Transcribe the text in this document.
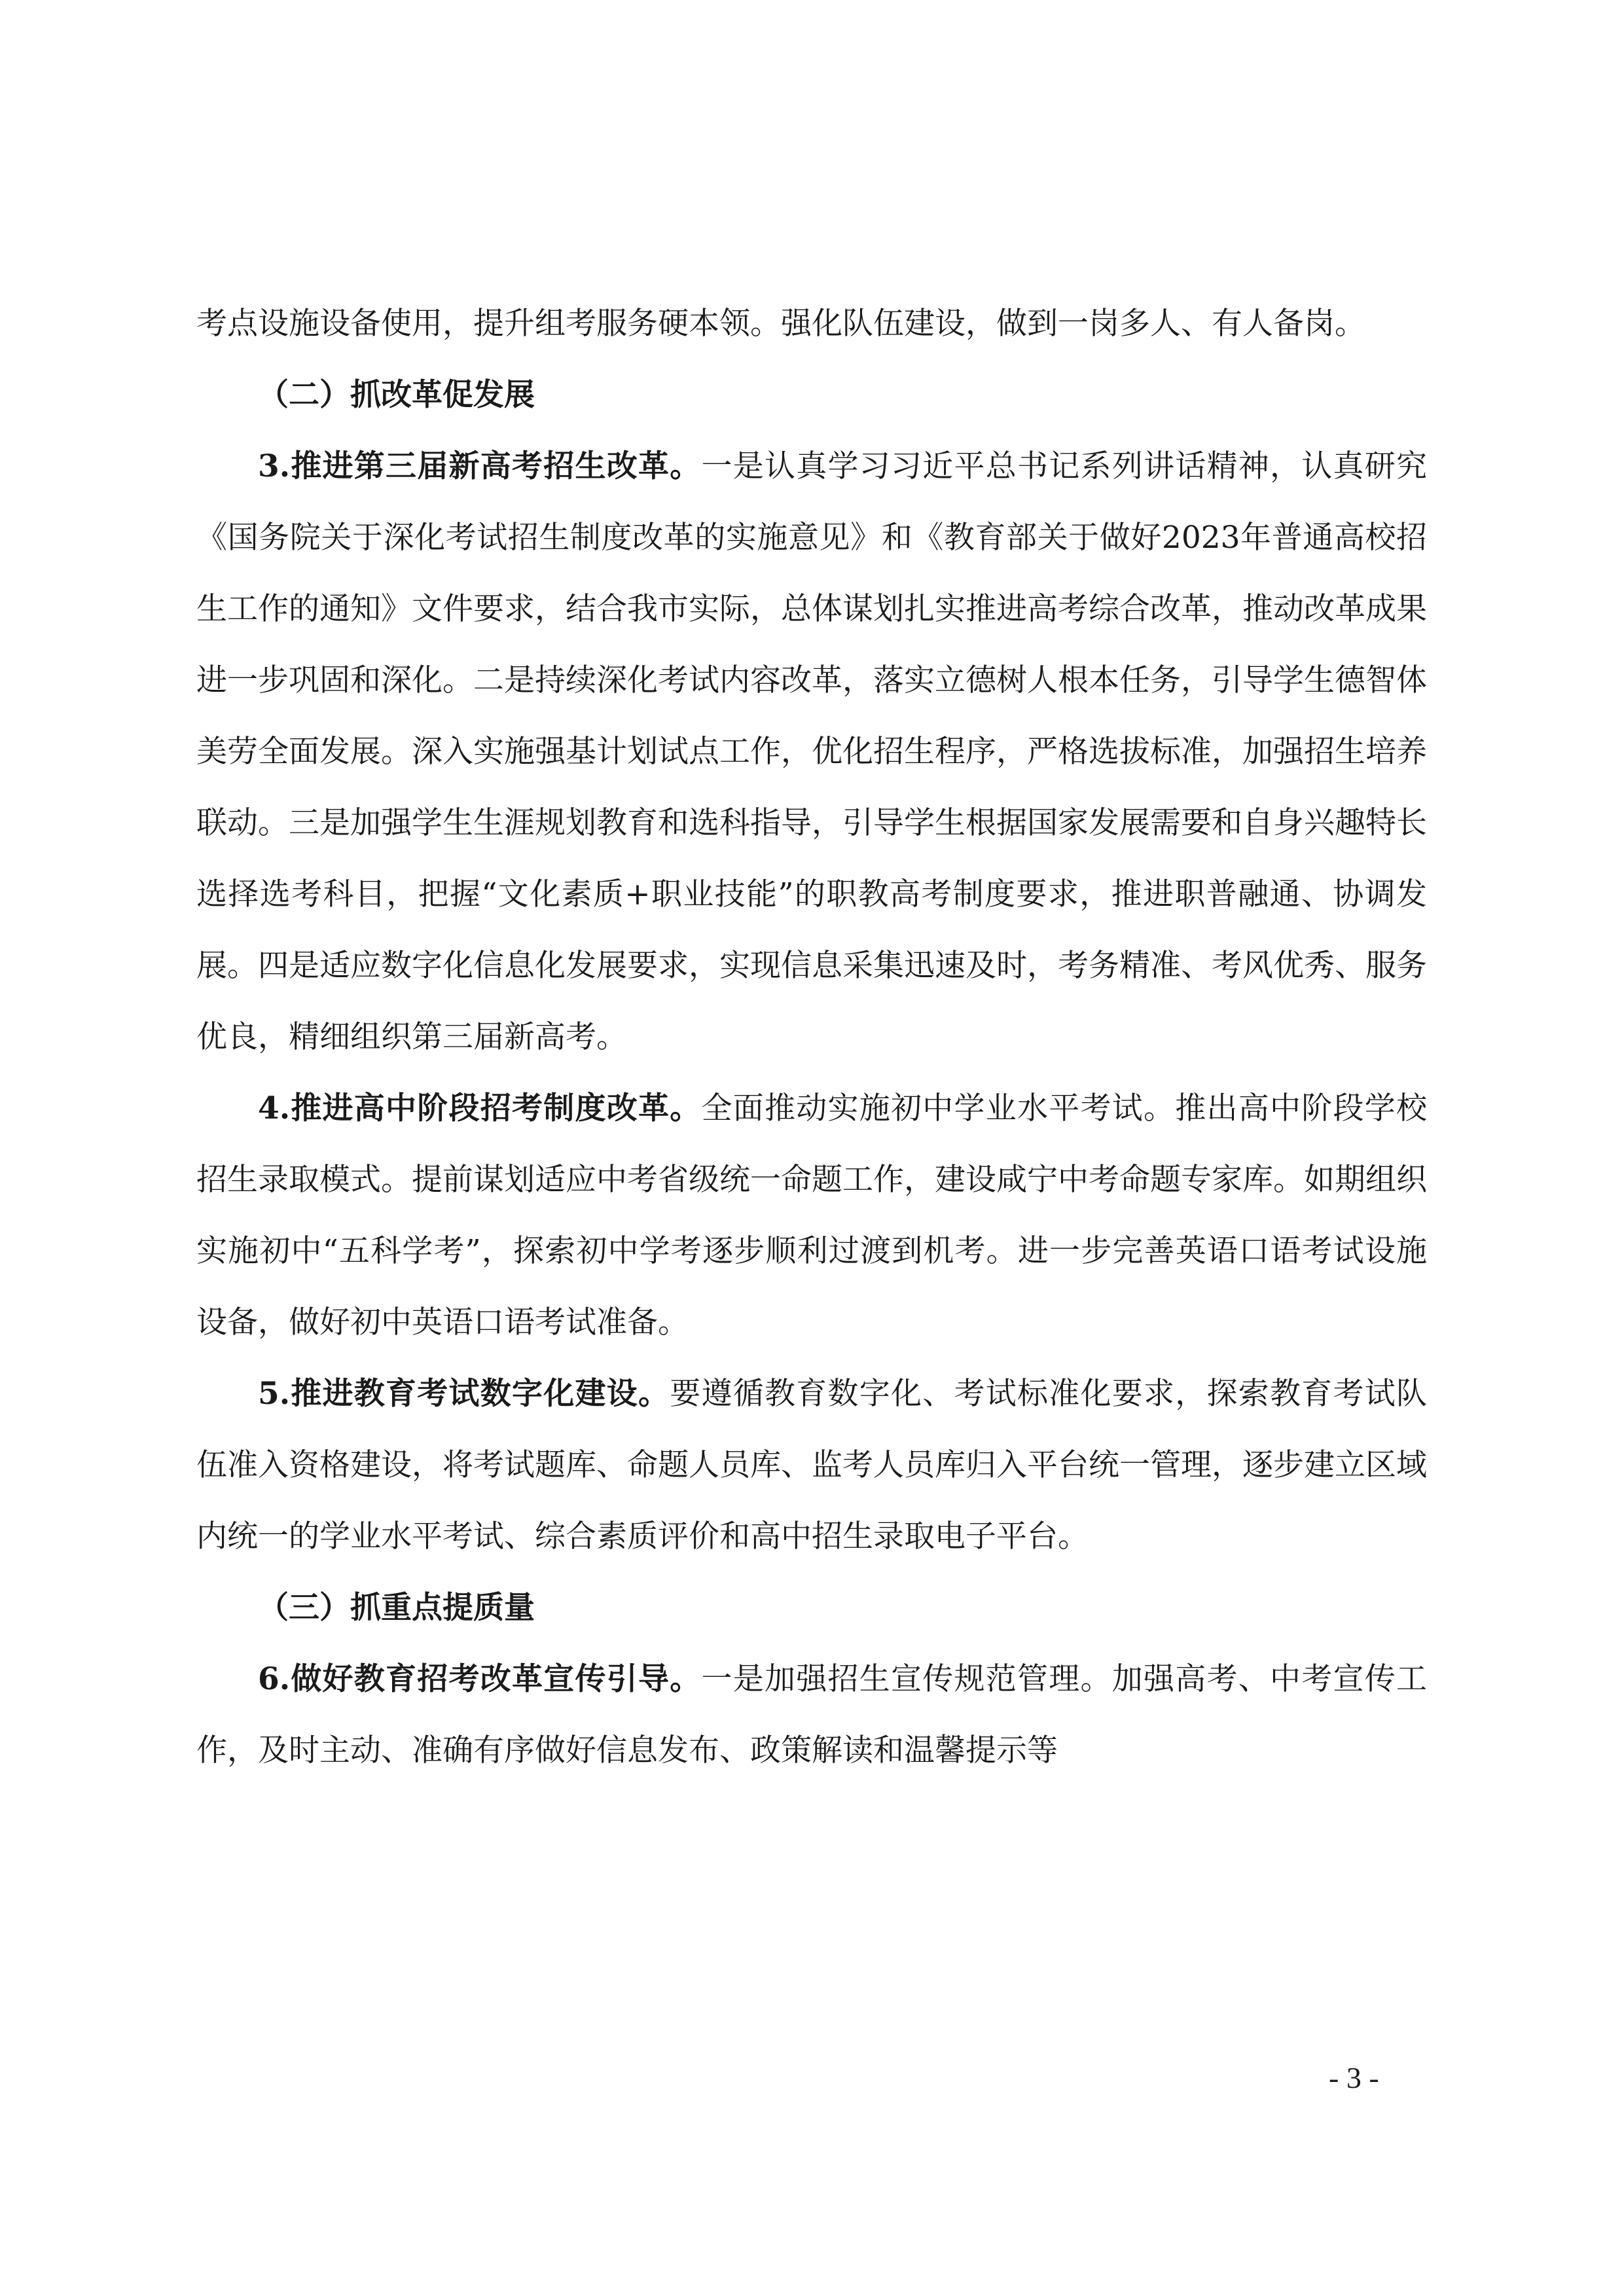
考点设施设备使用，提升组考服务硬本领。强化队伍建设，做到一岗多人、有人备岗。

（二）抓改革促发展

3.推进第三届新高考招生改革。一是认真学习习近平总书记系列讲话精神，认真研究《国务院关于深化考试招生制度改革的实施意见》和《教育部关于做好2023年普通高校招生工作的通知》文件要求，结合我市实际，总体谋划扎实推进高考综合改革，推动改革成果进一步巩固和深化。二是持续深化考试内容改革，落实立德树人根本任务，引导学生德智体美劳全面发展。深入实施强基计划试点工作，优化招生程序，严格选拔标准，加强招生培养联动。三是加强学生生涯规划教育和选科指导，引导学生根据国家发展需要和自身兴趣特长选择选考科目，把握“文化素质+职业技能”的职教高考制度要求，推进职普融通、协调发展。四是适应数字化信息化发展要求，实现信息采集迅速及时，考务精准、考风优秀、服务优良，精细组织第三届新高考。

4.推进高中阶段招考制度改革。全面推动实施初中学业水平考试。推出高中阶段学校招生录取模式。提前谋划适应中考省级统一命题工作，建设咸宁中考命题专家库。如期组织实施初中“五科学考”，探索初中学考逐步顺利过渡到机考。进一步完善英语口语考试设施设备，做好初中英语口语考试准备。

5.推进教育考试数字化建设。要遵循教育数字化、考试标准化要求，探索教育考试队伍准入资格建设，将考试题库、命题人员库、监考人员库归入平台统一管理，逐步建立区域内统一的学业水平考试、综合素质评价和高中招生录取电子平台。

（三）抓重点提质量

6.做好教育招考改革宣传引导。一是加强招生宣传规范管理。加强高考、中考宣传工作，及时主动、准确有序做好信息发布、政策解读和温馨提示等

- 3 -
